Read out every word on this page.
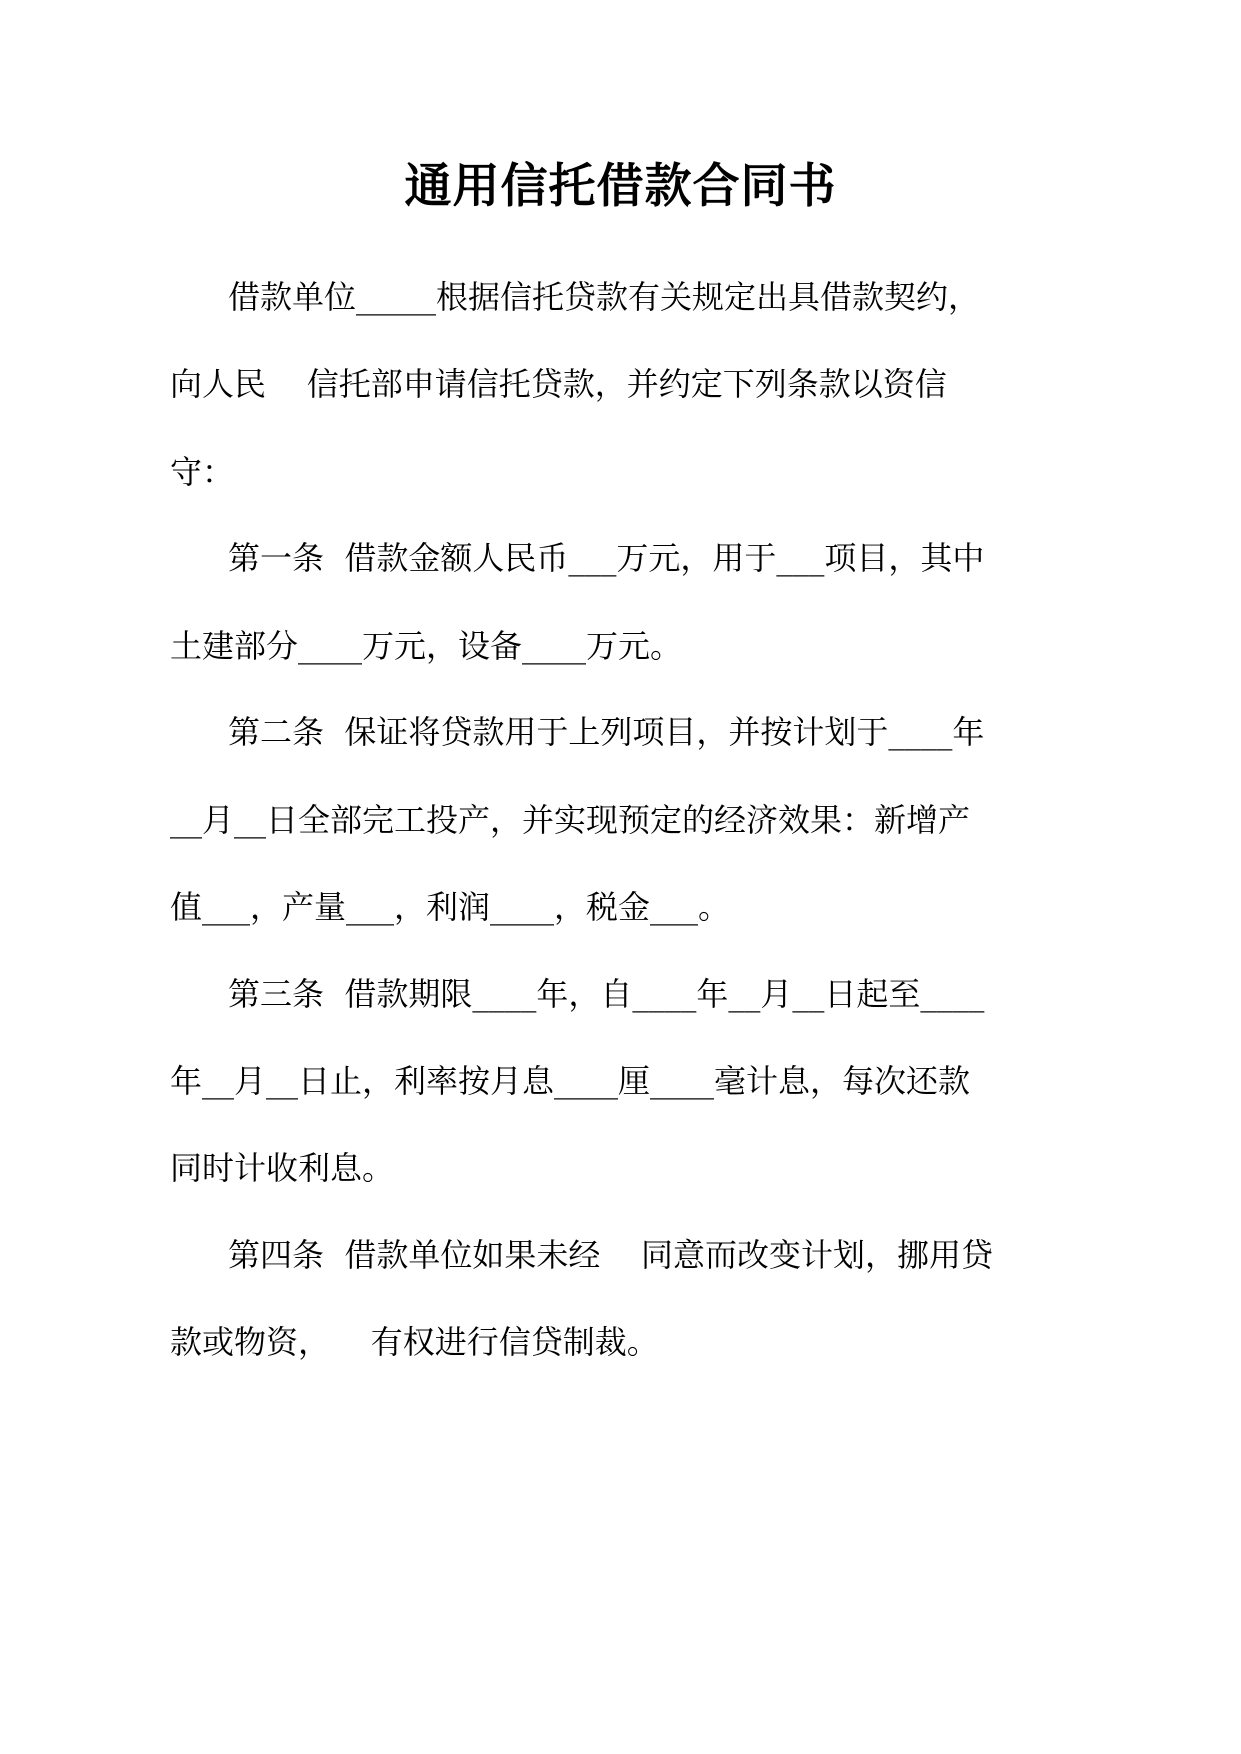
通用信托借款合同书
借款单位_____根据信托贷款有关规定出具借款契约，
向人民    信托部申请信托贷款，并约定下列条款以资信
守：
第一条  借款金额人民币___万元，用于___项目，其中
土建部分____万元，设备____万元。
第二条  保证将贷款用于上列项目，并按计划于____年
__月__日全部完工投产，并实现预定的经济效果：新增产
值___，产量___，利润____，税金___。
第三条  借款期限____年，自____年__月__日起至____
年__月__日止，利率按月息____厘____毫计息，每次还款
同时计收利息。
第四条  借款单位如果未经    同意而改变计划，挪用贷
款或物资，    有权进行信贷制裁。
